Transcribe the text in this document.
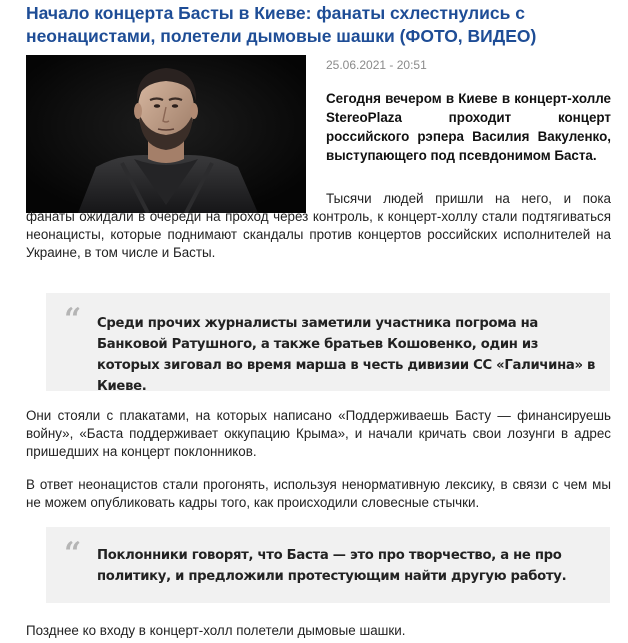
Начало концерта Басты в Киеве: фанаты схлестнулись с неонацистами, полетели дымовые шашки (ФОТО, ВИДЕО)
25.06.2021 - 20:51

Сегодня вечером в Киеве в концерт-холле StereoPlaza проходит концерт российского рэпера Василия Вакуленко, выступающего под псевдонимом Баста.

Тысячи людей пришли на него, и пока фанаты ожидали в очереди на проход через контроль, к концерт-холлу стали подтягиваться неонацисты, которые поднимают скандалы против концертов российских исполнителей на Украине, в том числе и Басты.

“ Среди прочих журналисты заметили участника погрома на Банковой Ратушного, а также братьев Кошовенко, один из которых зиговал во время марша в честь дивизии СС «Галичина» в Киеве.

Они стояли с плакатами, на которых написано «Поддерживаешь Басту — финансируешь войну», «Баста поддерживает оккупацию Крыма», и начали кричать свои лозунги в адрес пришедших на концерт поклонников.

В ответ неонацистов стали прогонять, используя ненормативную лексику, в связи с чем мы не можем опубликовать кадры того, как происходили словесные стычки.

“ Поклонники говорят, что Баста — это про творчество, а не про политику, и предложили протестующим найти другую работу.

Позднее ко входу в концерт-холл полетели дымовые шашки.
